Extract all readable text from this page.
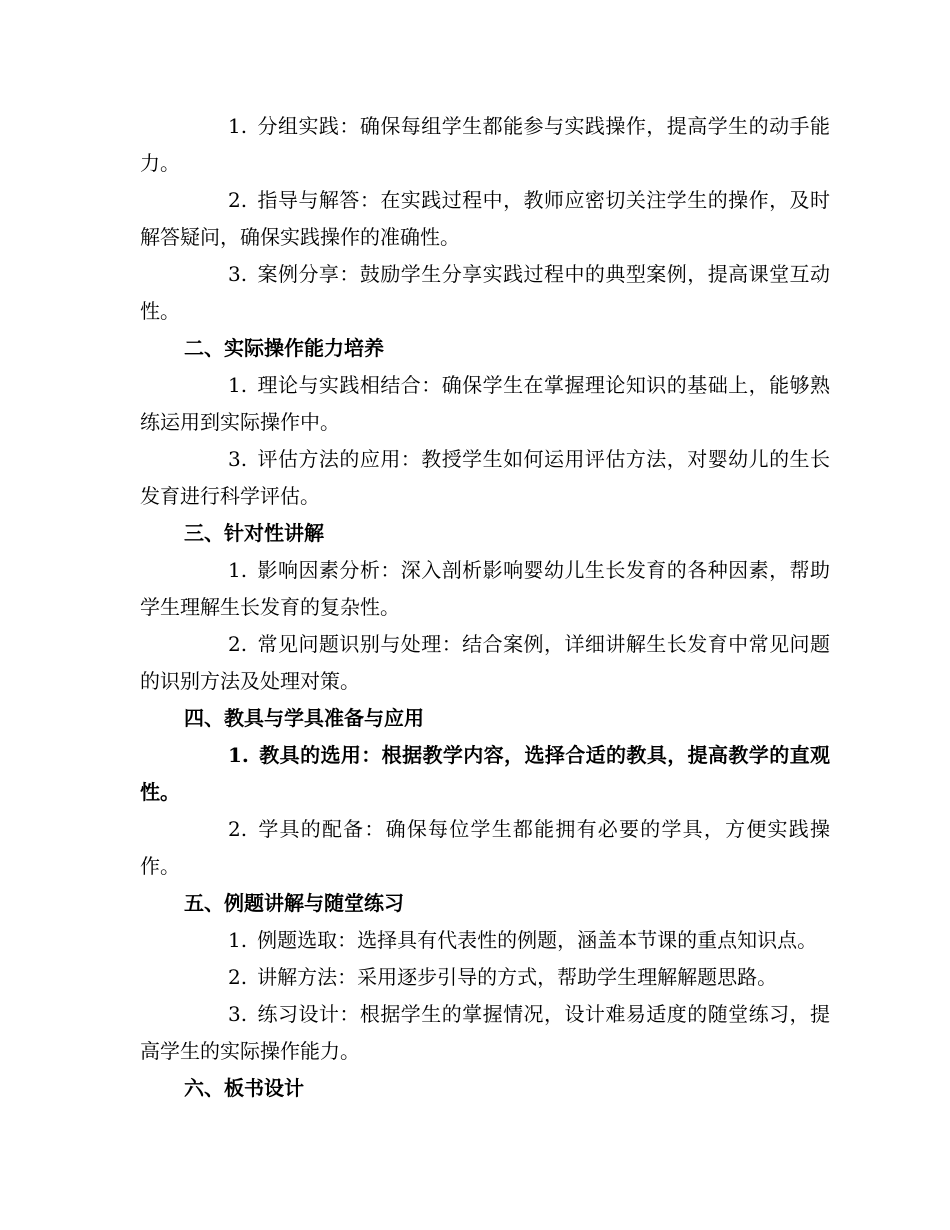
1. 分组实践：确保每组学生都能参与实践操作，提高学生的动手能力。

2. 指导与解答：在实践过程中，教师应密切关注学生的操作，及时解答疑问，确保实践操作的准确性。

3. 案例分享：鼓励学生分享实践过程中的典型案例，提高课堂互动性。

二、实际操作能力培养

1. 理论与实践相结合：确保学生在掌握理论知识的基础上，能够熟练运用到实际操作中。

3. 评估方法的应用：教授学生如何运用评估方法，对婴幼儿的生长发育进行科学评估。

三、针对性讲解

1. 影响因素分析：深入剖析影响婴幼儿生长发育的各种因素，帮助学生理解生长发育的复杂性。

2. 常见问题识别与处理：结合案例，详细讲解生长发育中常见问题的识别方法及处理对策。

四、教具与学具准备与应用

1. 教具的选用：根据教学内容，选择合适的教具，提高教学的直观性。

2. 学具的配备：确保每位学生都能拥有必要的学具，方便实践操作。

五、例题讲解与随堂练习

1. 例题选取：选择具有代表性的例题，涵盖本节课的重点知识点。

2. 讲解方法：采用逐步引导的方式，帮助学生理解解题思路。

3. 练习设计：根据学生的掌握情况，设计难易适度的随堂练习，提高学生的实际操作能力。

六、板书设计
